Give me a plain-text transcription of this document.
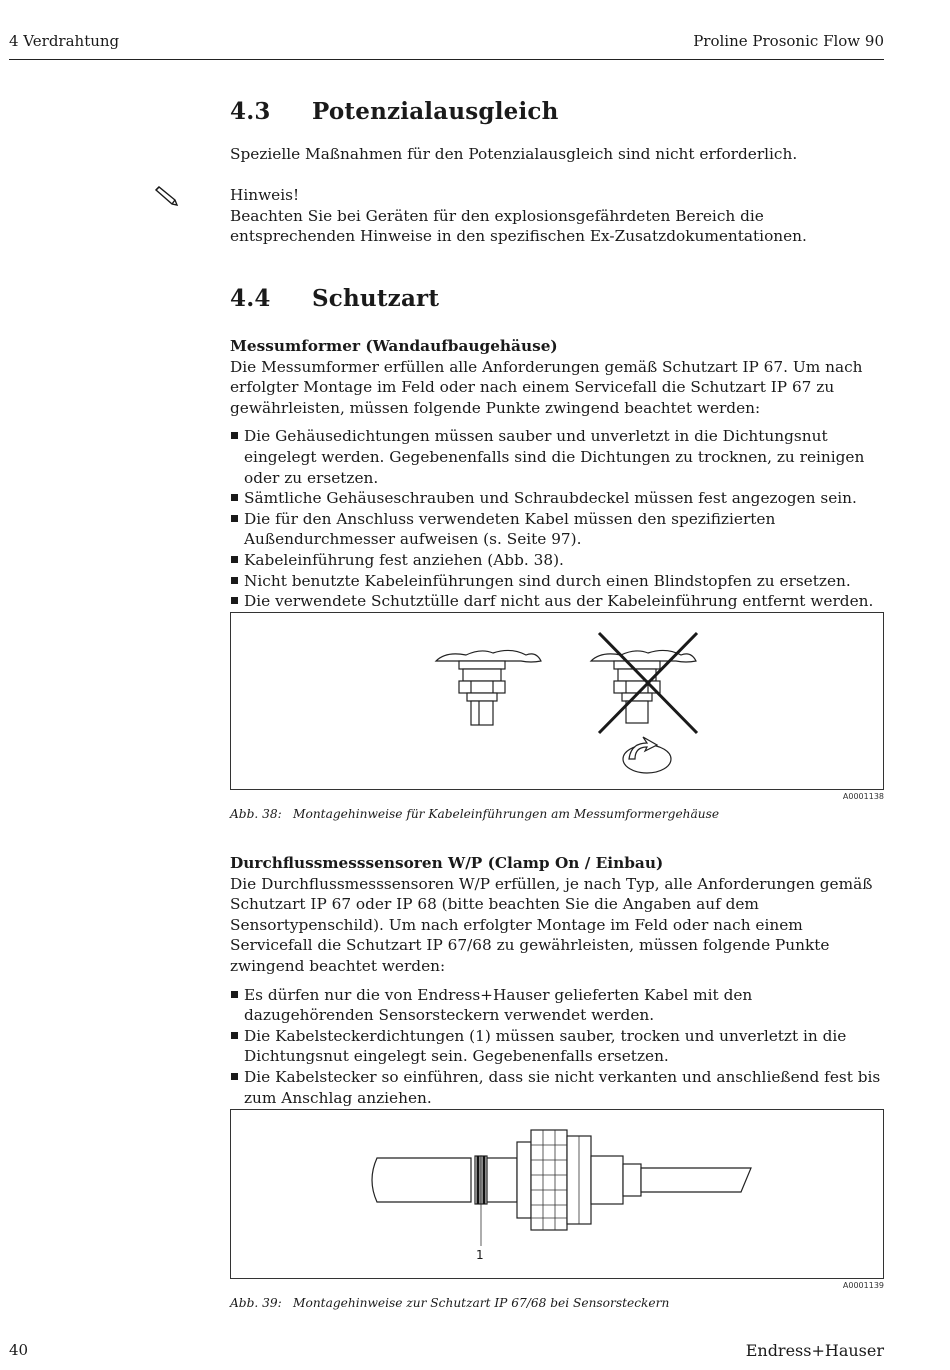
4 Verdrahtung	Proline Prosonic Flow 90
4.3 Potenzialausgleich
Spezielle Maßnahmen für den Potenzialausgleich sind nicht erforderlich.
Hinweis!
Beachten Sie bei Geräten für den explosionsgefährdeten Bereich die entsprechenden Hinweise in den spezifischen Ex-Zusatzdokumentationen.
4.4 Schutzart
Messumformer (Wandaufbaugehäuse)
Die Messumformer erfüllen alle Anforderungen gemäß Schutzart IP 67. Um nach erfolgter Montage im Feld oder nach einem Servicefall die Schutzart IP 67 zu gewährleisten, müssen folgende Punkte zwingend beachtet werden:
Die Gehäusedichtungen müssen sauber und unverletzt in die Dichtungsnut eingelegt werden. Gegebenenfalls sind die Dichtungen zu trocknen, zu reinigen oder zu ersetzen.
Sämtliche Gehäuseschrauben und Schraubdeckel müssen fest angezogen sein.
Die für den Anschluss verwendeten Kabel müssen den spezifizierten Außendurchmesser aufweisen (s. Seite 97).
Kabeleinführung fest anziehen (Abb. 38).
Nicht benutzte Kabeleinführungen sind durch einen Blindstopfen zu ersetzen.
Die verwendete Schutztülle darf nicht aus der Kabeleinführung entfernt werden.
A0001138
Abb. 38: Montagehinweise für Kabeleinführungen am Messumformergehäuse
Durchflussmesssensoren W/P (Clamp On / Einbau)
Die Durchflussmesssensoren W/P erfüllen, je nach Typ, alle Anforderungen gemäß Schutzart IP 67 oder IP 68 (bitte beachten Sie die Angaben auf dem Sensortypenschild). Um nach erfolgter Montage im Feld oder nach einem Servicefall die Schutzart IP 67/68 zu gewährleisten, müssen folgende Punkte zwingend beachtet werden:
Es dürfen nur die von Endress+Hauser gelieferten Kabel mit den dazugehörenden Sensorsteckern verwendet werden.
Die Kabelsteckerdichtungen (1) müssen sauber, trocken und unverletzt in die Dichtungsnut eingelegt sein. Gegebenenfalls ersetzen.
Die Kabelstecker so einführen, dass sie nicht verkanten und anschließend fest bis zum Anschlag anziehen.
1
A0001139
Abb. 39: Montagehinweise zur Schutzart IP 67/68 bei Sensorsteckern
40	Endress+Hauser
